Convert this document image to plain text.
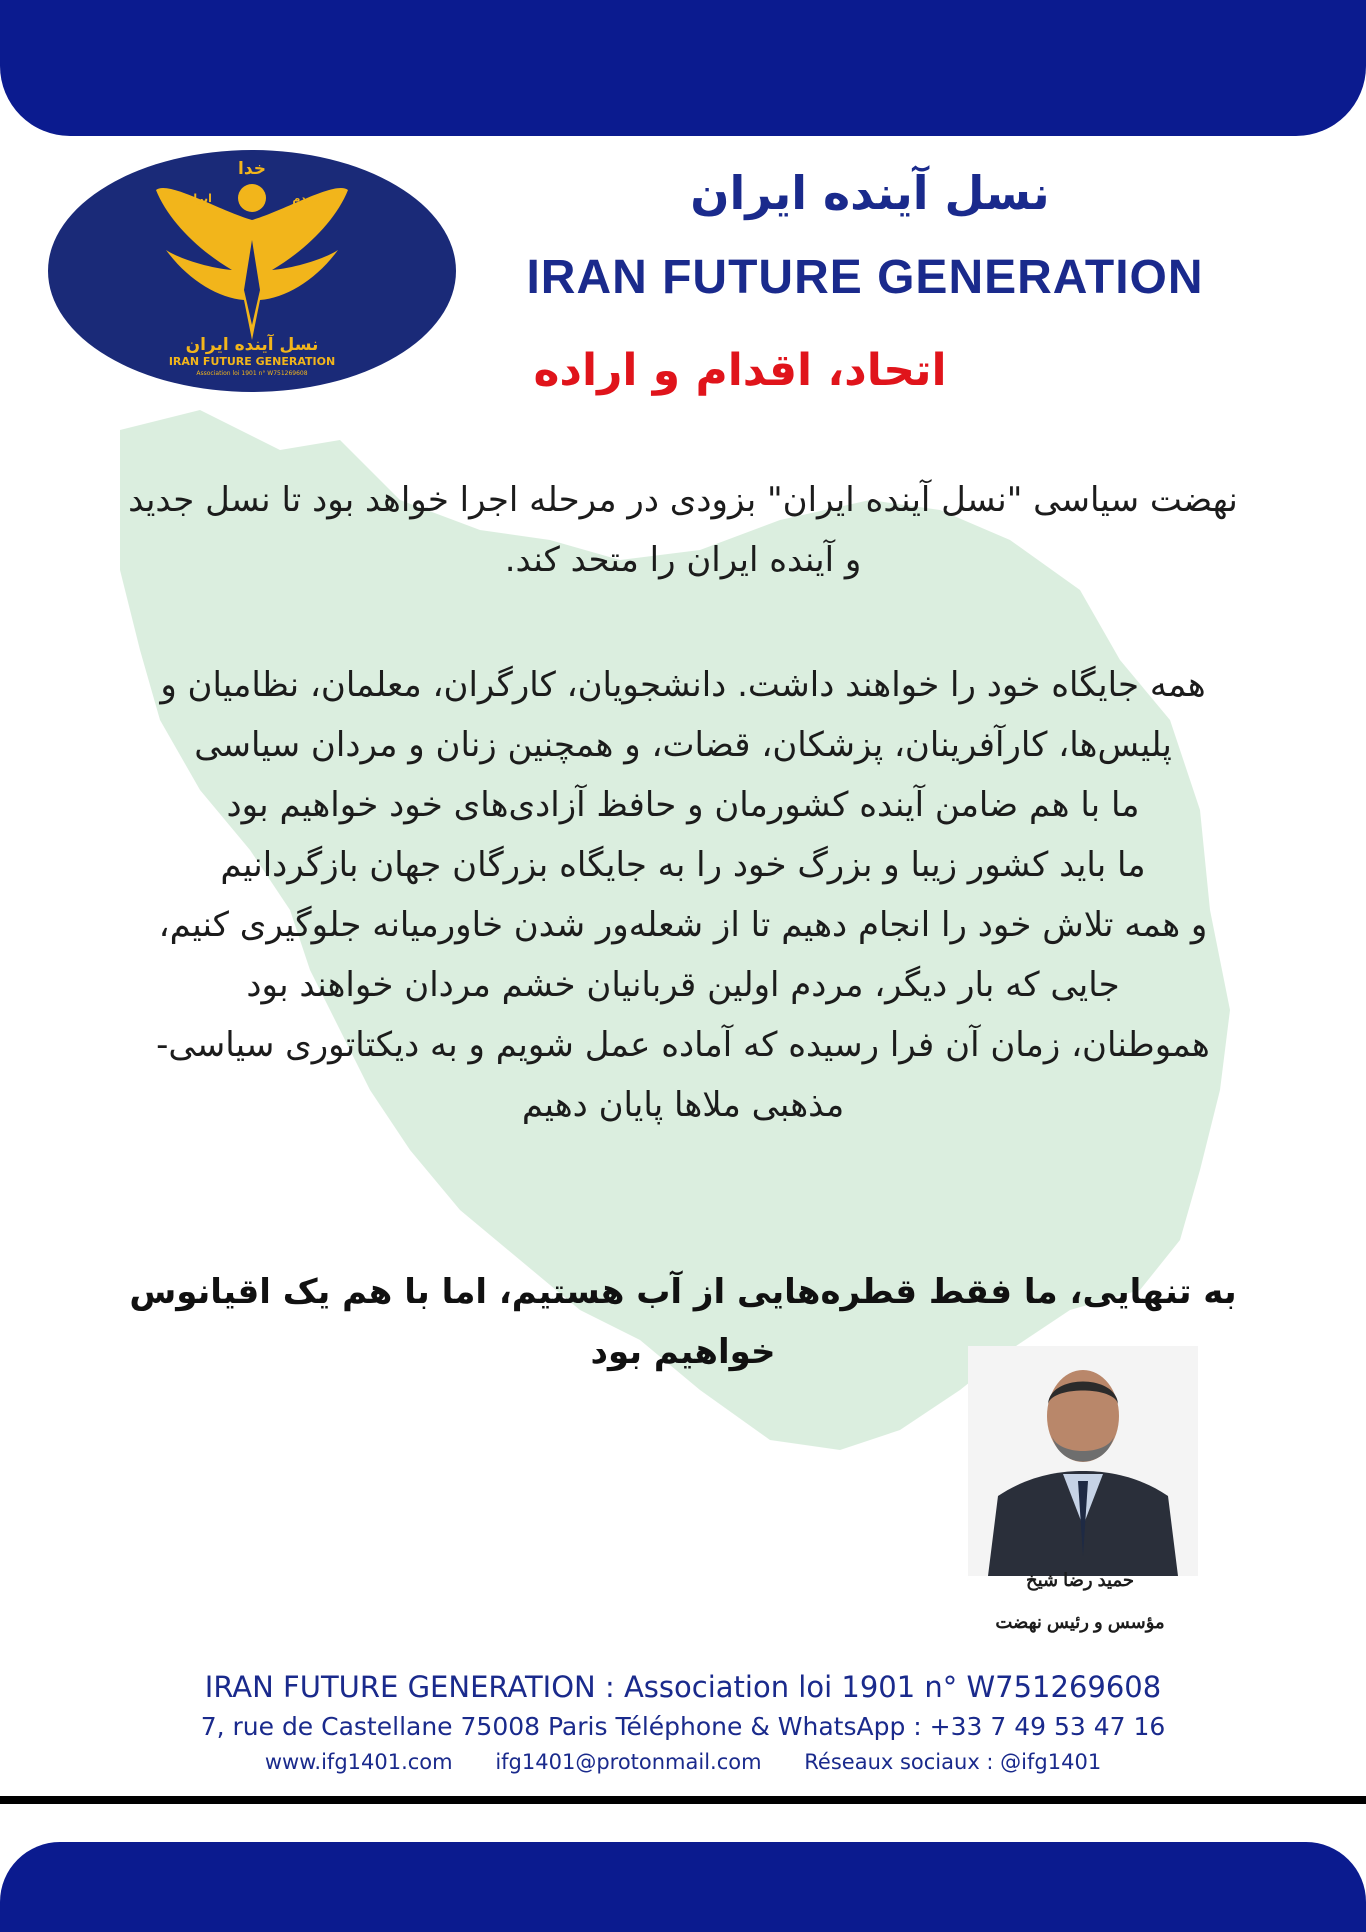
خدا
ایران	مردم
نسل آینده ایران
IRAN FUTURE GENERATION
Association loi 1901 n° W751269608
نسل آینده ایران
IRAN FUTURE GENERATION
اتحاد، اقدام و اراده
نهضت سیاسی "نسل آینده ایران" بزودی در مرحله اجرا خواهد بود تا نسل جدید و آینده ایران را متحد کند.
همه جایگاه خود را خواهند داشت. دانشجویان، کارگران، معلمان، نظامیان و پلیس‌ها، کارآفرینان، پزشکان، قضات، و همچنین زنان و مردان سیاسی
ما با هم ضامن آینده کشورمان و حافظ آزادی‌های خود خواهیم بود
ما باید کشور زیبا و بزرگ خود را به جایگاه بزرگان جهان بازگردانیم
و همه تلاش خود را انجام دهیم تا از شعله‌ور شدن خاورمیانه جلوگیری کنیم، جایی که بار دیگر، مردم اولین قربانیان خشم مردان خواهند بود
هموطنان، زمان آن فرا رسیده که آماده عمل شویم و به دیکتاتوری سیاسی-مذهبی ملاها پایان دهیم
به تنهایی، ما فقط قطره‌هایی از آب هستیم، اما با هم یک اقیانوس خواهیم بود
حمید رضا شیخ
مؤسس و رئیس نهضت
IRAN FUTURE GENERATION : Association loi 1901 n° W751269608
7, rue de Castellane 75008 Paris Téléphone & WhatsApp : +33 7 49 53 47 16
www.ifg1401.com ifg1401@protonmail.com Réseaux sociaux : @ifg1401
